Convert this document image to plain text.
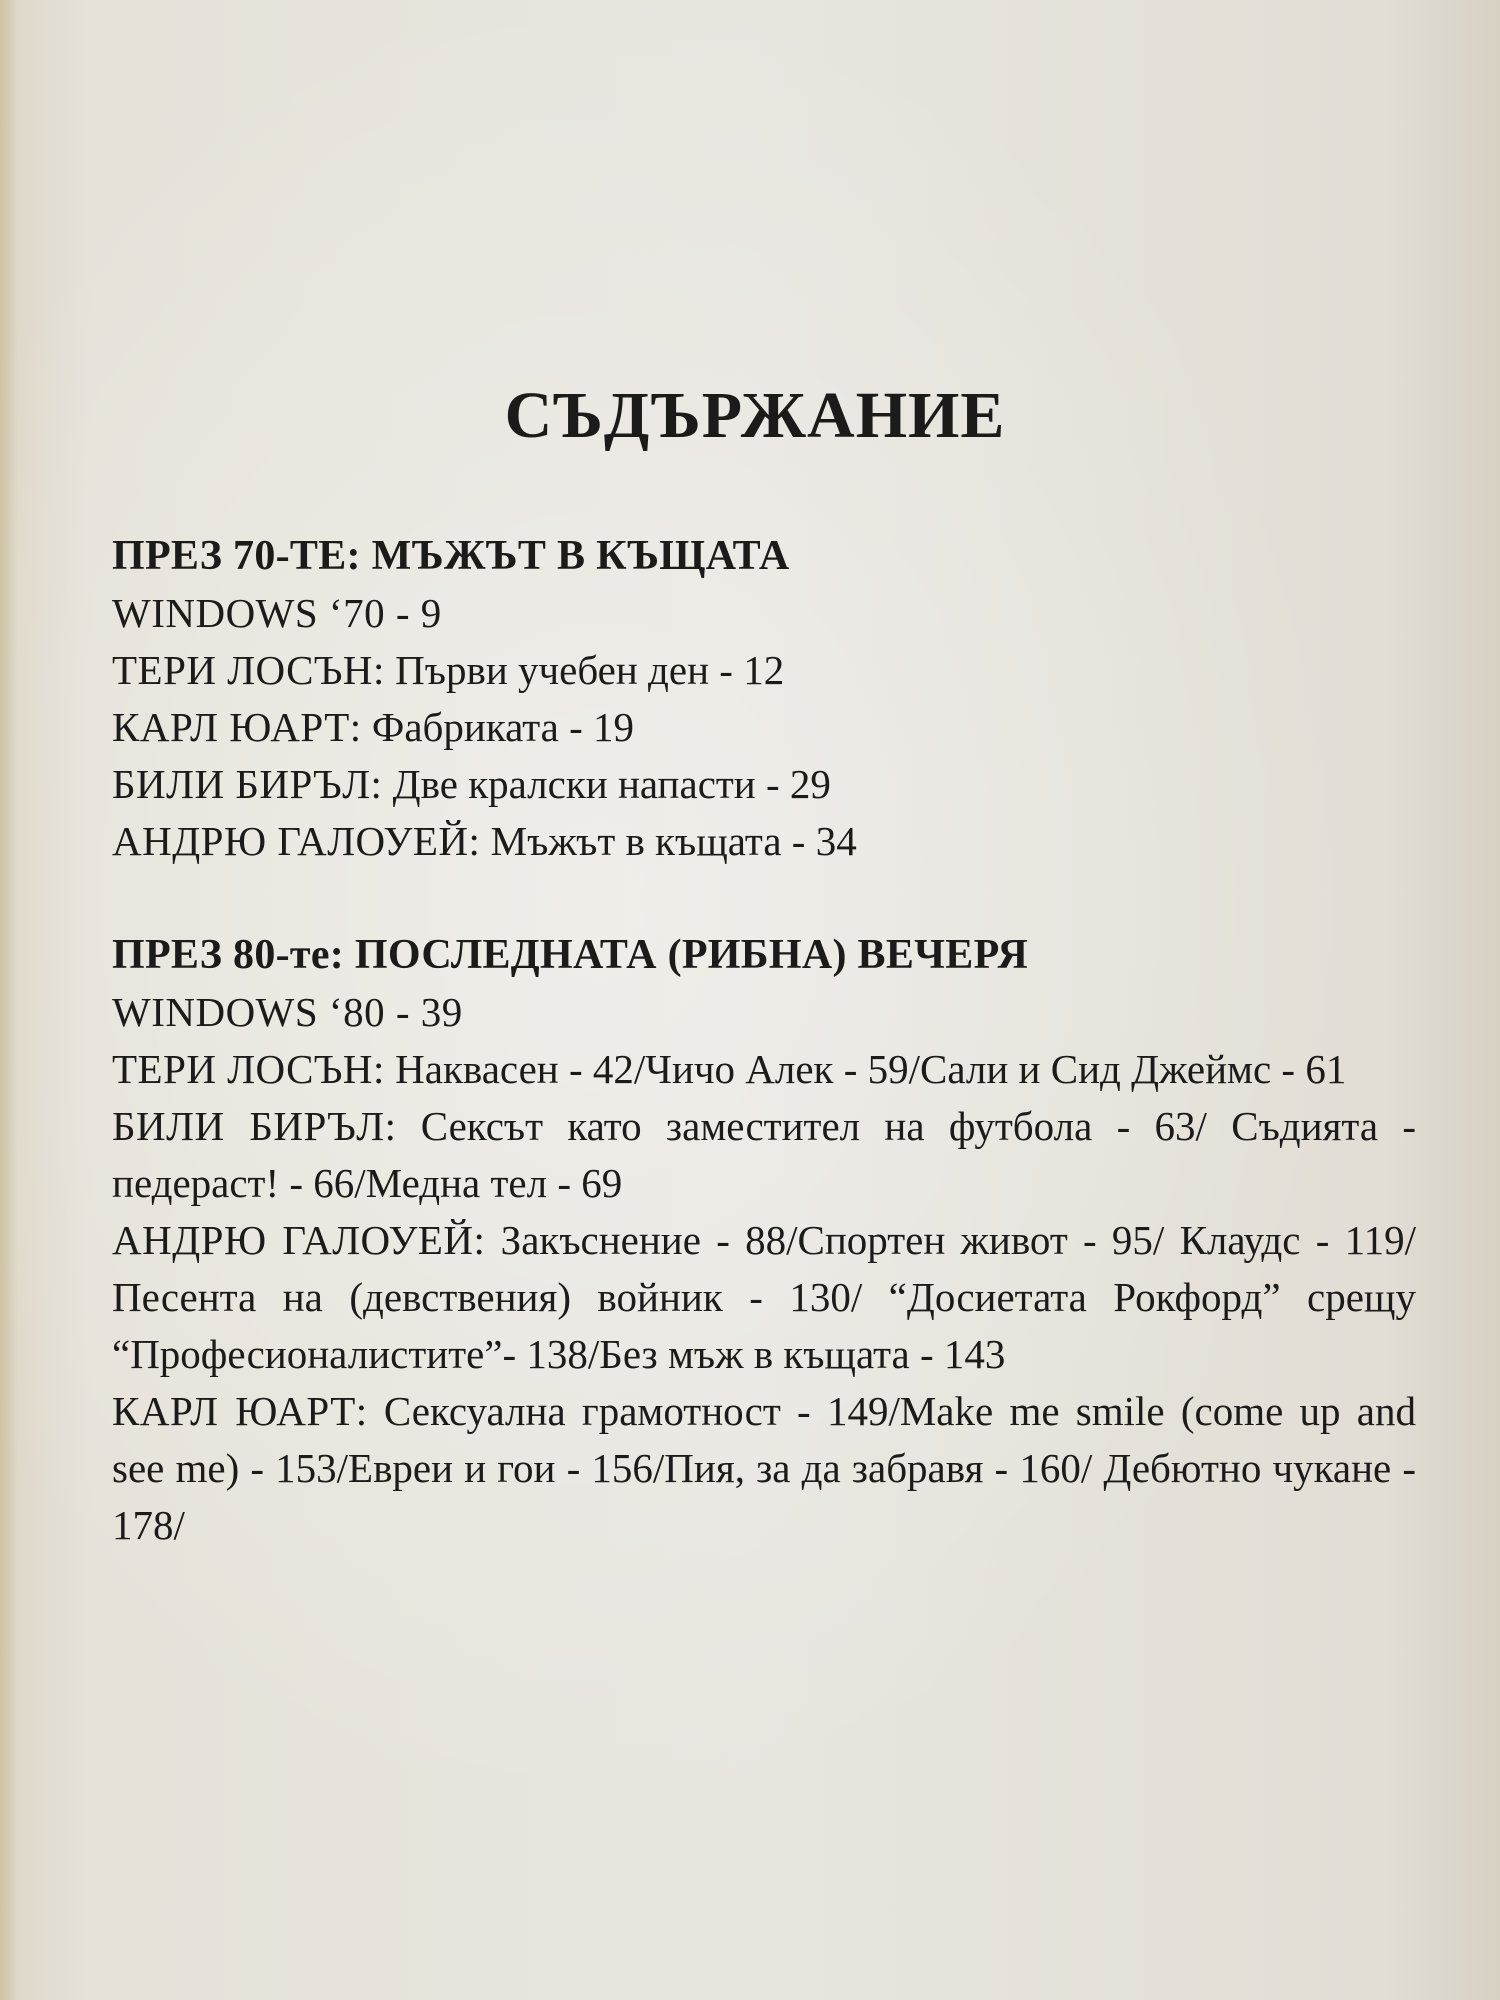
СЪДЪРЖАНИЕ
ПРЕЗ 70-ТЕ: МЪЖЪТ В КЪЩАТА
WINDOWS ‘70 - 9
ТЕРИ ЛОСЪН: Първи учебен ден - 12
КАРЛ ЮАРТ: Фабриката - 19
БИЛИ БИРЪЛ: Две кралски напасти - 29
АНДРЮ ГАЛОУЕЙ: Мъжът в къщата - 34
ПРЕЗ 80-те: ПОСЛЕДНАТА (РИБНА) ВЕЧЕРЯ
WINDOWS ‘80 - 39
ТЕРИ ЛОСЪН: Наквасен - 42/Чичо Алек - 59/Сали и Сид Джеймс - 61
БИЛИ БИРЪЛ: Сексът като заместител на футбола - 63/ Съдията - педераст! - 66/Медна тел - 69
АНДРЮ ГАЛОУЕЙ: Закъснение - 88/Спортен живот - 95/ Клаудс - 119/Песента на (девствения) войник - 130/ “Досиетата Рокфорд” срещу “Професионалистите”- 138/Без мъж в къщата - 143
КАРЛ ЮАРТ: Сексуална грамотност - 149/Make me smile (come up and see me) - 153/Евреи и гои - 156/Пия, за да забравя - 160/ Дебютно чукане - 178/
